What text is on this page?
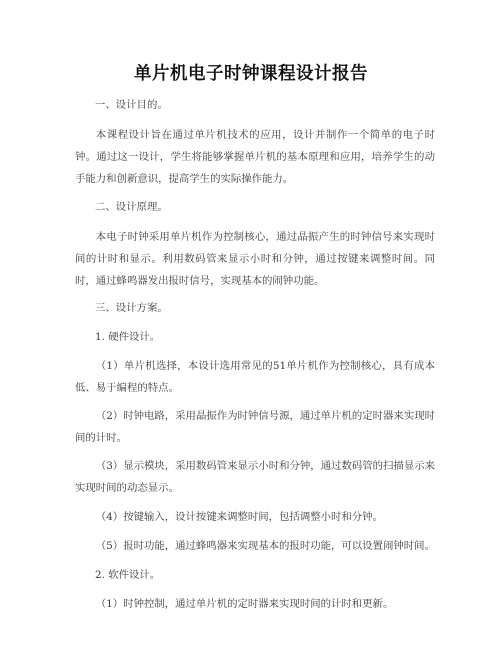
单片机电子时钟课程设计报告

一、设计目的。

本课程设计旨在通过单片机技术的应用，设计并制作一个简单的电子时钟。通过这一设计，学生将能够掌握单片机的基本原理和应用，培养学生的动手能力和创新意识，提高学生的实际操作能力。

二、设计原理。

本电子时钟采用单片机作为控制核心，通过晶振产生的时钟信号来实现时间的计时和显示。利用数码管来显示小时和分钟，通过按键来调整时间。同时，通过蜂鸣器发出报时信号，实现基本的闹钟功能。

三、设计方案。

1. 硬件设计。

（1）单片机选择，本设计选用常见的51单片机作为控制核心，具有成本低、易于编程的特点。

（2）时钟电路，采用晶振作为时钟信号源，通过单片机的定时器来实现时间的计时。

（3）显示模块，采用数码管来显示小时和分钟，通过数码管的扫描显示来实现时间的动态显示。

（4）按键输入，设计按键来调整时间，包括调整小时和分钟。

（5）报时功能，通过蜂鸣器来实现基本的报时功能，可以设置闹钟时间。

2. 软件设计。

（1）时钟控制，通过单片机的定时器来实现时间的计时和更新。
